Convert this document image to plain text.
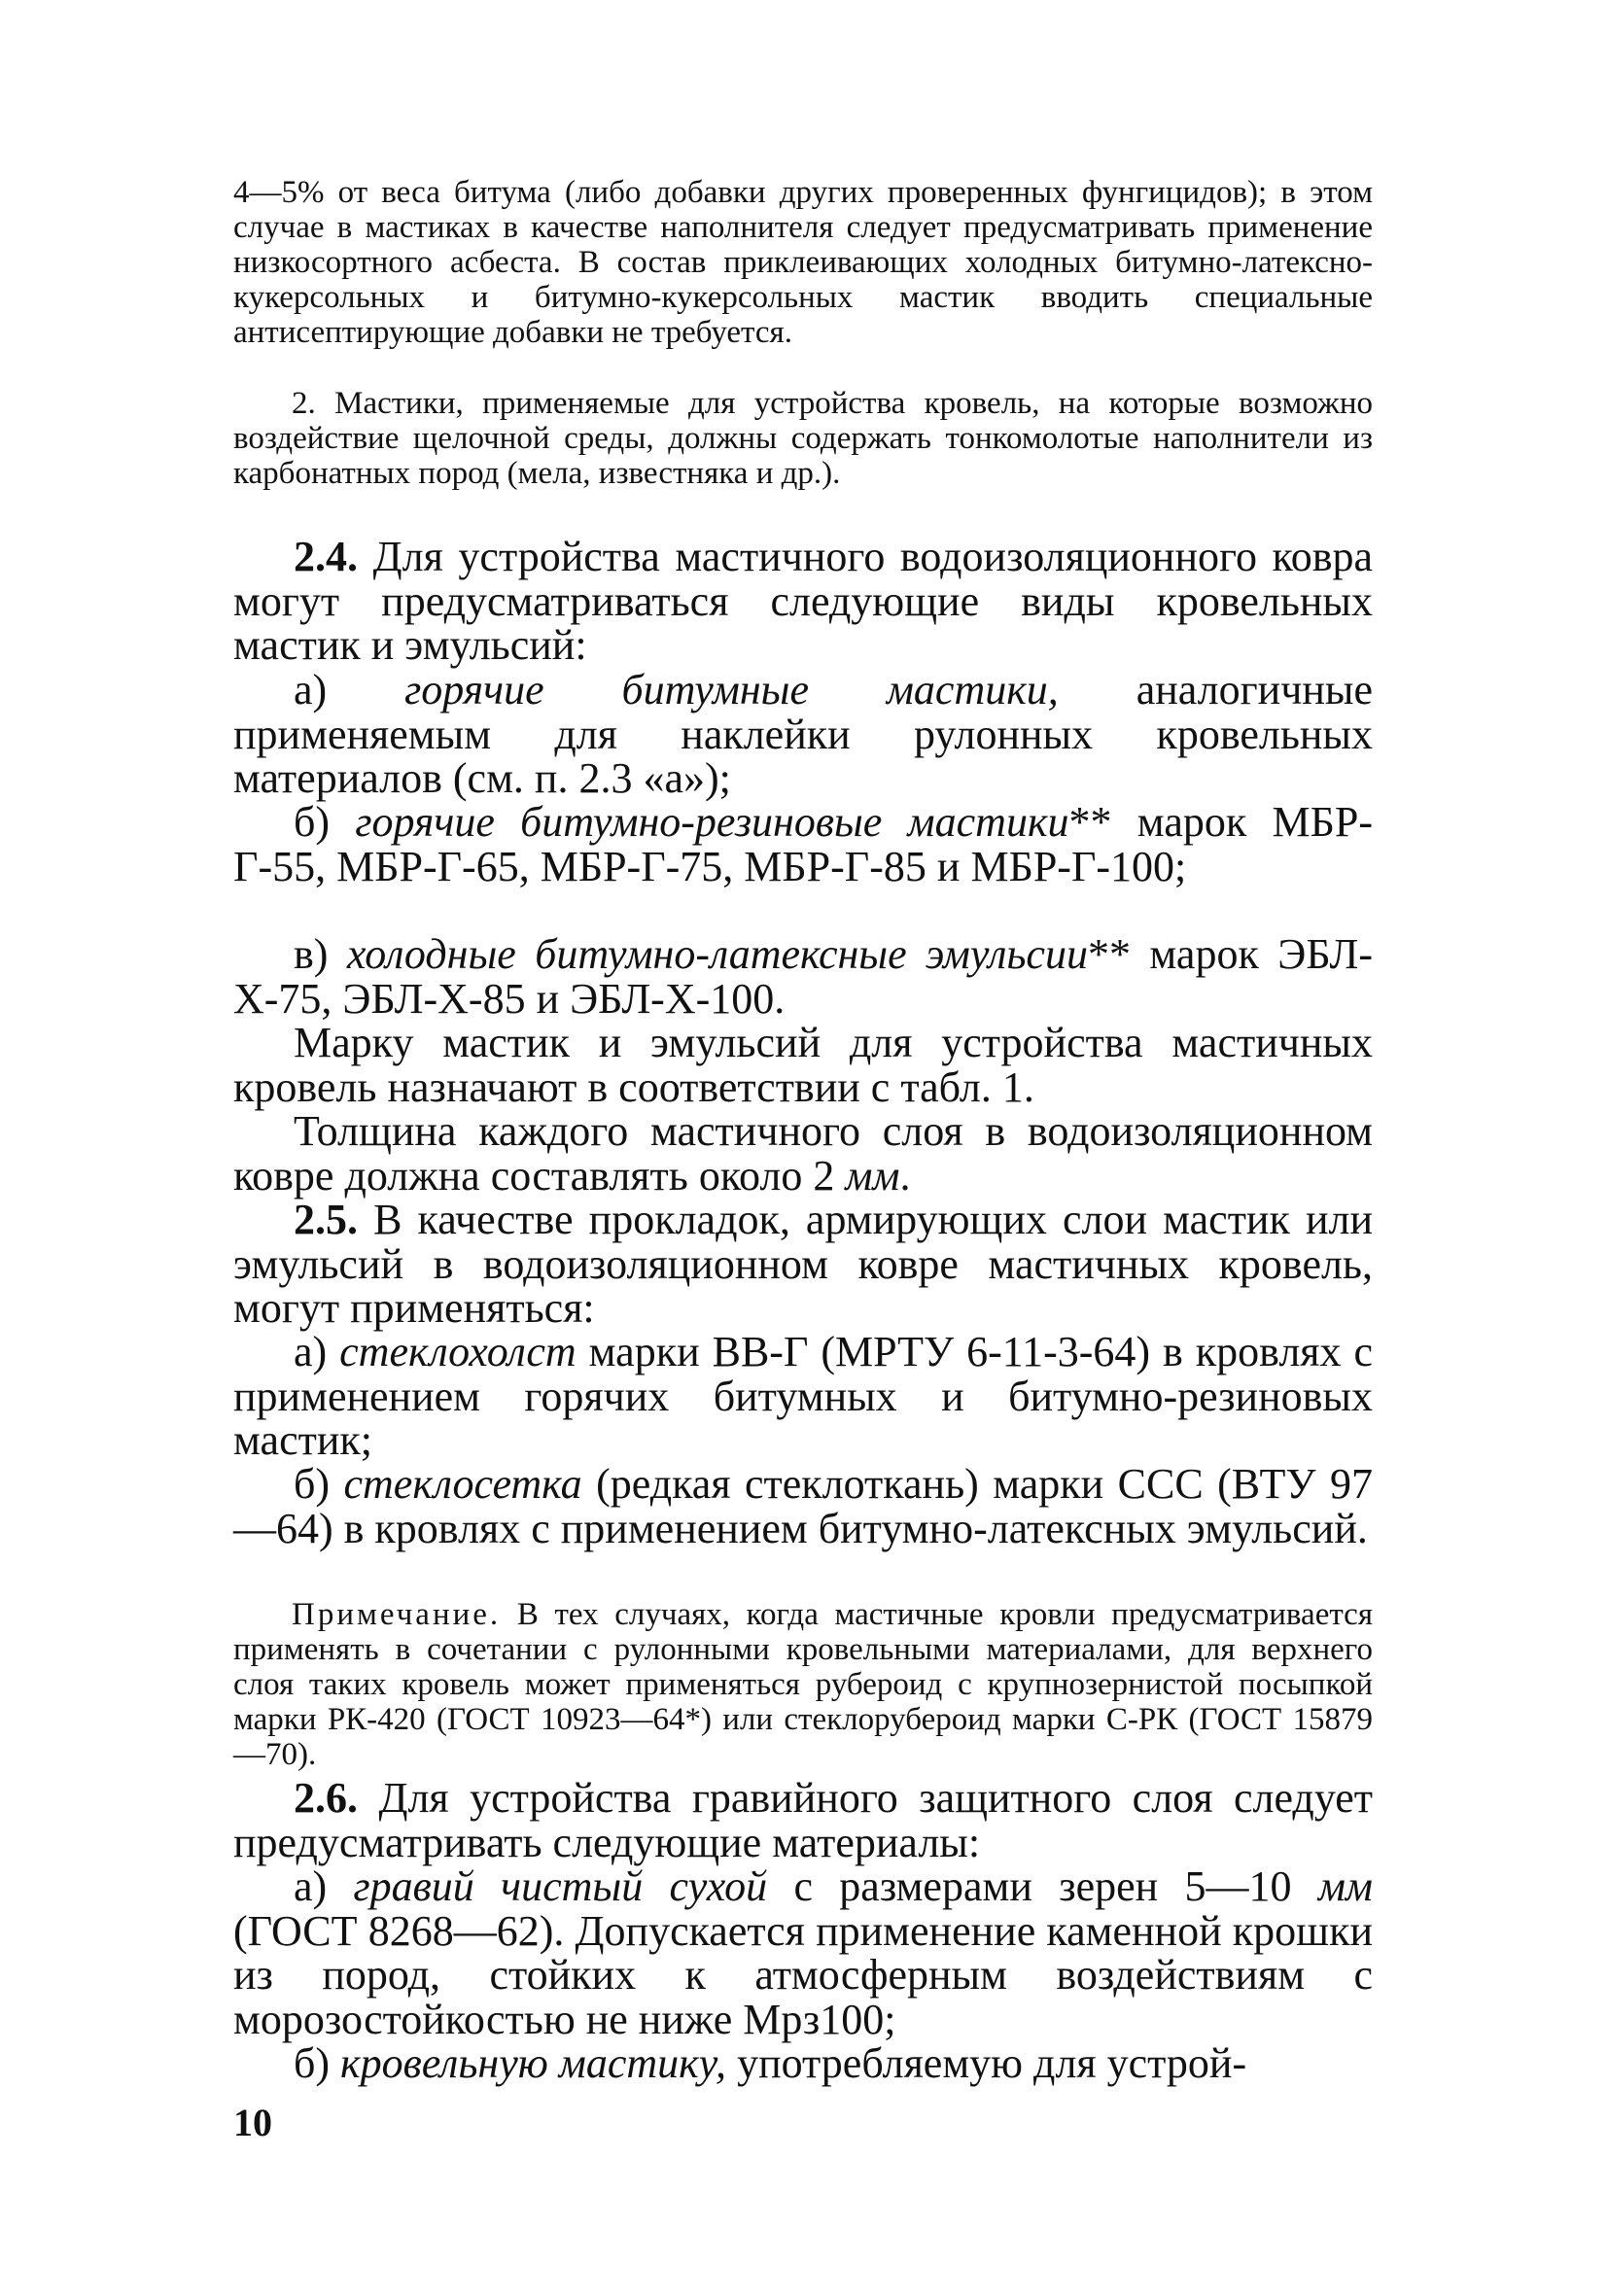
4—5% от веса битума (либо добавки других проверенных фунгицидов); в этом случае в мастиках в качестве наполнителя следует предусматривать применение низкосортного асбеста. В состав приклеивающих холодных битумно-латексно-кукерсольных и битумно-кукерсольных мастик вводить специальные антисептирующие добавки не требуется.
2. Мастики, применяемые для устройства кровель, на которые возможно воздействие щелочной среды, должны содержать тонкомолотые наполнители из карбонатных пород (мела, известняка и др.).
2.4. Для устройства мастичного водоизоляционного ковра могут предусматриваться следующие виды кровельных мастик и эмульсий:
а) горячие битумные мастики, аналогичные применяемым для наклейки рулонных кровельных материалов (см. п. 2.3 «а»);
б) горячие битумно-резиновые мастики** марок МБР-Г-55, МБР-Г-65, МБР-Г-75, МБР-Г-85 и МБР-Г-100;
в) холодные битумно-латексные эмульсии** марок ЭБЛ-Х-75, ЭБЛ-Х-85 и ЭБЛ-Х-100.
Марку мастик и эмульсий для устройства мастичных кровель назначают в соответствии с табл. 1.
Толщина каждого мастичного слоя в водоизоляционном ковре должна составлять около 2 мм.
2.5. В качестве прокладок, армирующих слои мастик или эмульсий в водоизоляционном ковре мастичных кровель, могут применяться:
а) стеклохолст марки ВВ-Г (МРТУ 6-11-3-64) в кровлях с применением горячих битумных и битумно-резиновых мастик;
б) стеклосетка (редкая стеклоткань) марки ССС (ВТУ 97—64) в кровлях с применением битумно-латексных эмульсий.
Примечание. В тех случаях, когда мастичные кровли предусматривается применять в сочетании с рулонными кровельными материалами, для верхнего слоя таких кровель может применяться рубероид с крупнозернистой посыпкой марки РК-420 (ГОСТ 10923—64*) или стеклорубероид марки С-РК (ГОСТ 15879—70).
2.6. Для устройства гравийного защитного слоя следует предусматривать следующие материалы:
а) гравий чистый сухой с размерами зерен 5—10 мм (ГОСТ 8268—62). Допускается применение каменной крошки из пород, стойких к атмосферным воздействиям с морозостойкостью не ниже Мрз100;
б) кровельную мастику, употребляемую для устрой-
10
